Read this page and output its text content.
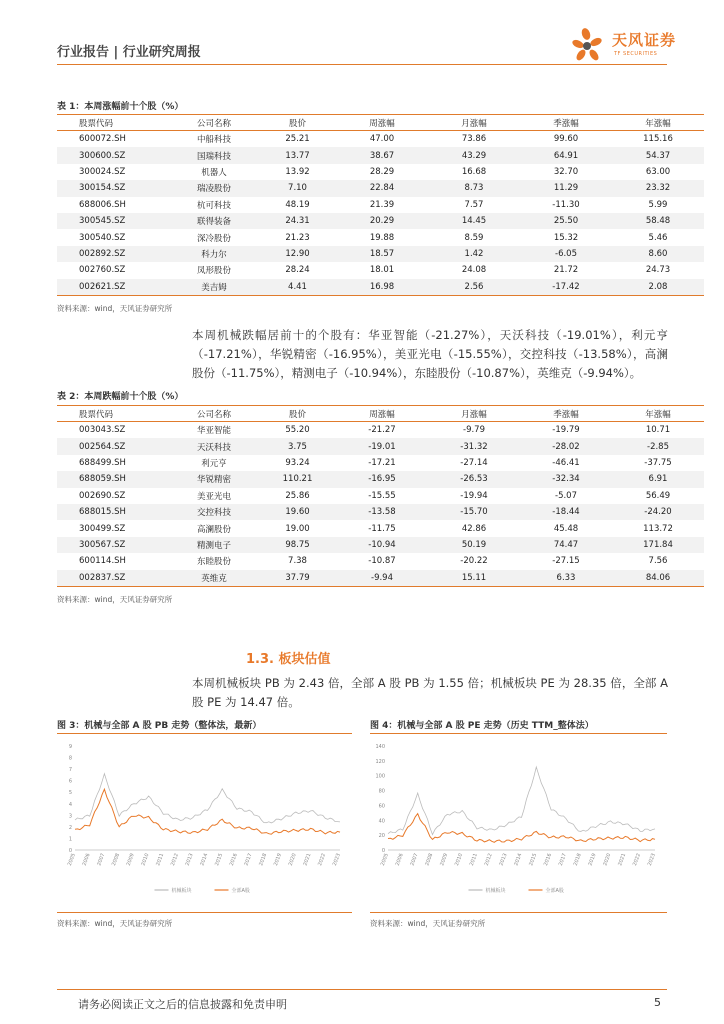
行业报告 | 行业研究周报
天风证券
TF SECURITIES
表 1：本周涨幅前十个股（%）
股票代码	公司名称	股价	周涨幅	月涨幅	季涨幅	年涨幅
600072.SH	中船科技	25.21	47.00	73.86	99.60	115.16
300600.SZ	国瑞科技	13.77	38.67	43.29	64.91	54.37
300024.SZ	机器人	13.92	28.29	16.68	32.70	63.00
300154.SZ	瑞凌股份	7.10	22.84	8.73	11.29	23.32
688006.SH	杭可科技	48.19	21.39	7.57	-11.30	5.99
300545.SZ	联得装备	24.31	20.29	14.45	25.50	58.48
300540.SZ	深冷股份	21.23	19.88	8.59	15.32	5.46
002892.SZ	科力尔	12.90	18.57	1.42	-6.05	8.60
002760.SZ	凤形股份	28.24	18.01	24.08	21.72	24.73
002621.SZ	美吉姆	4.41	16.98	2.56	-17.42	2.08
资料来源：wind，天风证券研究所
本周机械跌幅居前十的个股有：华亚智能（-21.27%），天沃科技（-19.01%），利元亨（-17.21%），华锐精密（-16.95%），美亚光电（-15.55%），交控科技（-13.58%），高澜股份（-11.75%），精测电子（-10.94%），东睦股份（-10.87%），英维克（-9.94%）。
表 2：本周跌幅前十个股（%）
股票代码	公司名称	股价	周涨幅	月涨幅	季涨幅	年涨幅
003043.SZ	华亚智能	55.20	-21.27	-9.79	-19.79	10.71
002564.SZ	天沃科技	3.75	-19.01	-31.32	-28.02	-2.85
688499.SH	利元亨	93.24	-17.21	-27.14	-46.41	-37.75
688059.SH	华锐精密	110.21	-16.95	-26.53	-32.34	6.91
002690.SZ	美亚光电	25.86	-15.55	-19.94	-5.07	56.49
688015.SH	交控科技	19.60	-13.58	-15.70	-18.44	-24.20
300499.SZ	高澜股份	19.00	-11.75	42.86	45.48	113.72
300567.SZ	精测电子	98.75	-10.94	50.19	74.47	171.84
600114.SH	东睦股份	7.38	-10.87	-20.22	-27.15	7.56
002837.SZ	英维克	37.79	-9.94	15.11	6.33	84.06
资料来源：wind，天风证券研究所
1.3. 板块估值
本周机械板块 PB 为 2.43 倍，全部 A 股 PB 为 1.55 倍；机械板块 PE 为 28.35 倍，全部 A 股 PE 为 14.47 倍。
图 3：机械与全部 A 股 PB 走势（整体法，最新）
0
1
2
3
4
5
6
7
8
9
2005 2006 2007 2008 2009 2010 2011 2012 2013 2014 2015 2016 2017 2018 2019 2020 2021 2022 2023
机械板块	全部A股
资料来源：wind，天风证券研究所
图 4：机械与全部 A 股 PE 走势（历史 TTM_整体法）
0
20
40
60
80
100
120
140
2005 2006 2007 2008 2009 2010 2011 2012 2013 2014 2015 2016 2017 2018 2019 2020 2021 2022 2023
机械板块	全部A股
资料来源：wind，天风证券研究所
请务必阅读正文之后的信息披露和免责申明	5
